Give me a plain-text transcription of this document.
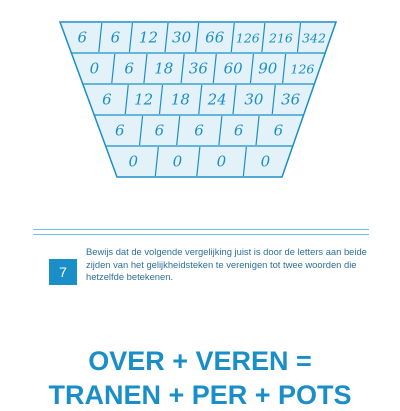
6 6 12 30 66 126 216 342
0 6 18 36 60 90 126
6 12 18 24 30 36
6 6 6 6 6
0 0 0 0
7

Bewijs dat de volgende vergelijking juist is door de letters aan beide zijden van het gelijkheidsteken te verenigen tot twee woorden die hetzelfde betekenen.

OVER + VEREN =
TRANEN + PER + POTS
